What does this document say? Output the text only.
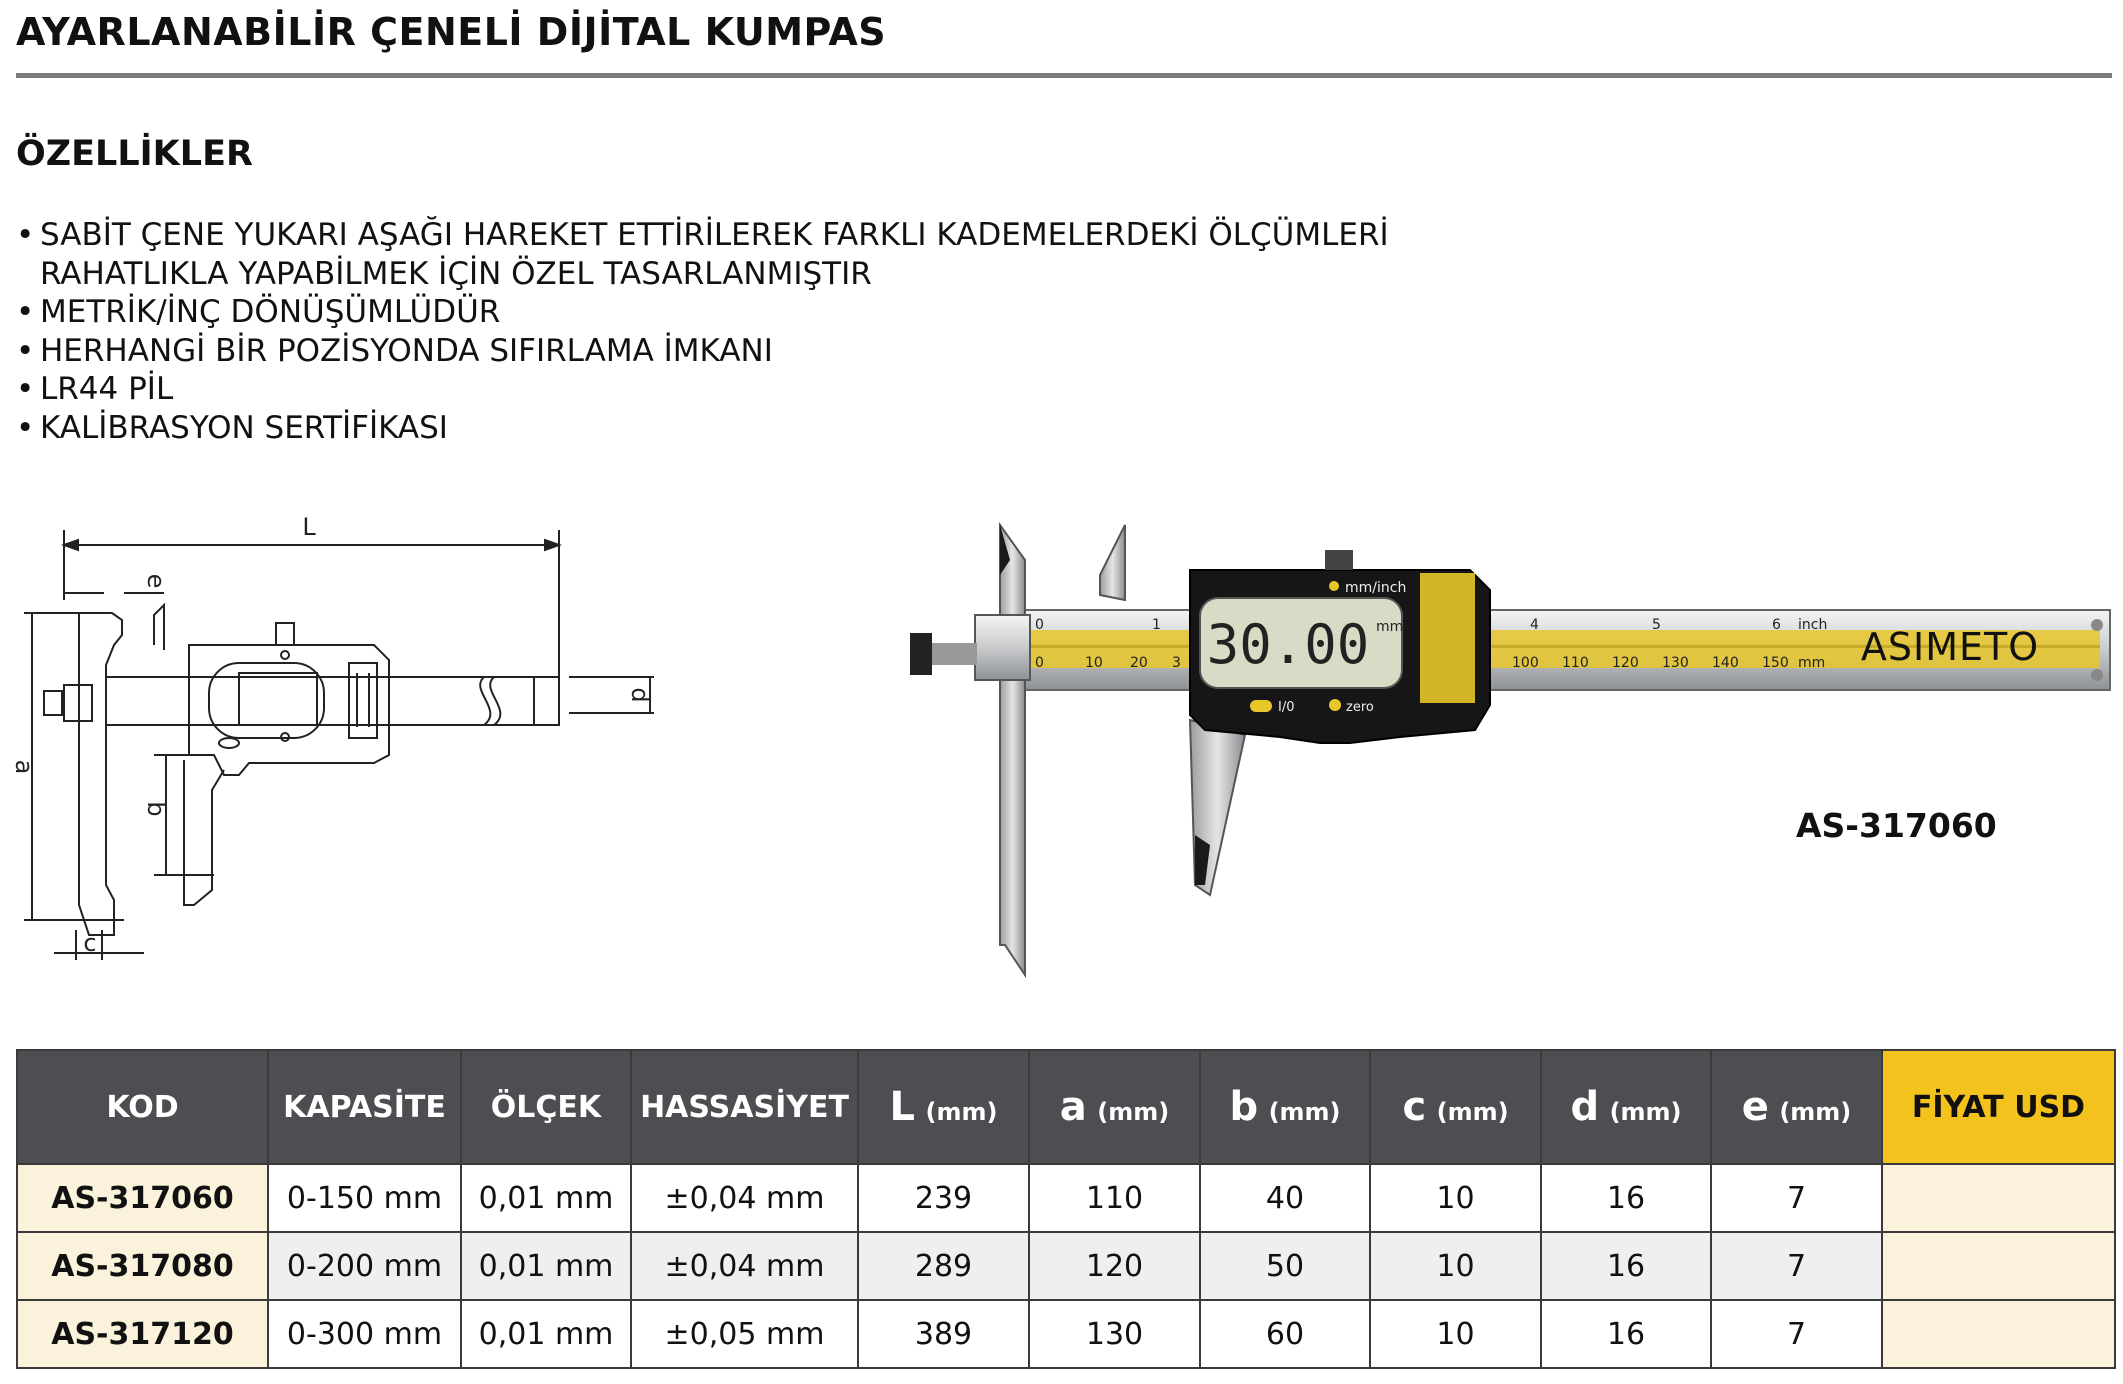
AYARLANABİLİR ÇENELİ DİJİTAL KUMPAS
ÖZELLİKLER
• SABİT ÇENE YUKARI AŞAĞI HAREKET ETTİRİLEREK FARKLI KADEMELERDEKİ ÖLÇÜMLERİ
RAHATLIKLA YAPABİLMEK İÇİN ÖZEL TASARLANMIŞTIR
• METRİK/İNÇ DÖNÜŞÜMLÜDÜR
• HERHANGİ BİR POZİSYONDA SIFIRLAMA İMKANI
• LR44 PİL
• KALİBRASYON SERTİFİKASI
L
e
a
b
c
d
30.00 mm
mm/inch
I/0	zero
0	1	4	5	6 inch
0	10 20 3	100 110 120 130 140 150 mm ASIMETO
AS-317060
KOD	KAPASİTE	ÖLÇEK	HASSASİYET	L (mm)	a (mm)	b (mm)	c (mm)	d (mm)	e (mm)	FİYAT USD
AS-317060	0-150 mm	0,01 mm	±0,04 mm	239	110	40	10	16	7	
AS-317080	0-200 mm	0,01 mm	±0,04 mm	289	120	50	10	16	7	
AS-317120	0-300 mm	0,01 mm	±0,05 mm	389	130	60	10	16	7	
